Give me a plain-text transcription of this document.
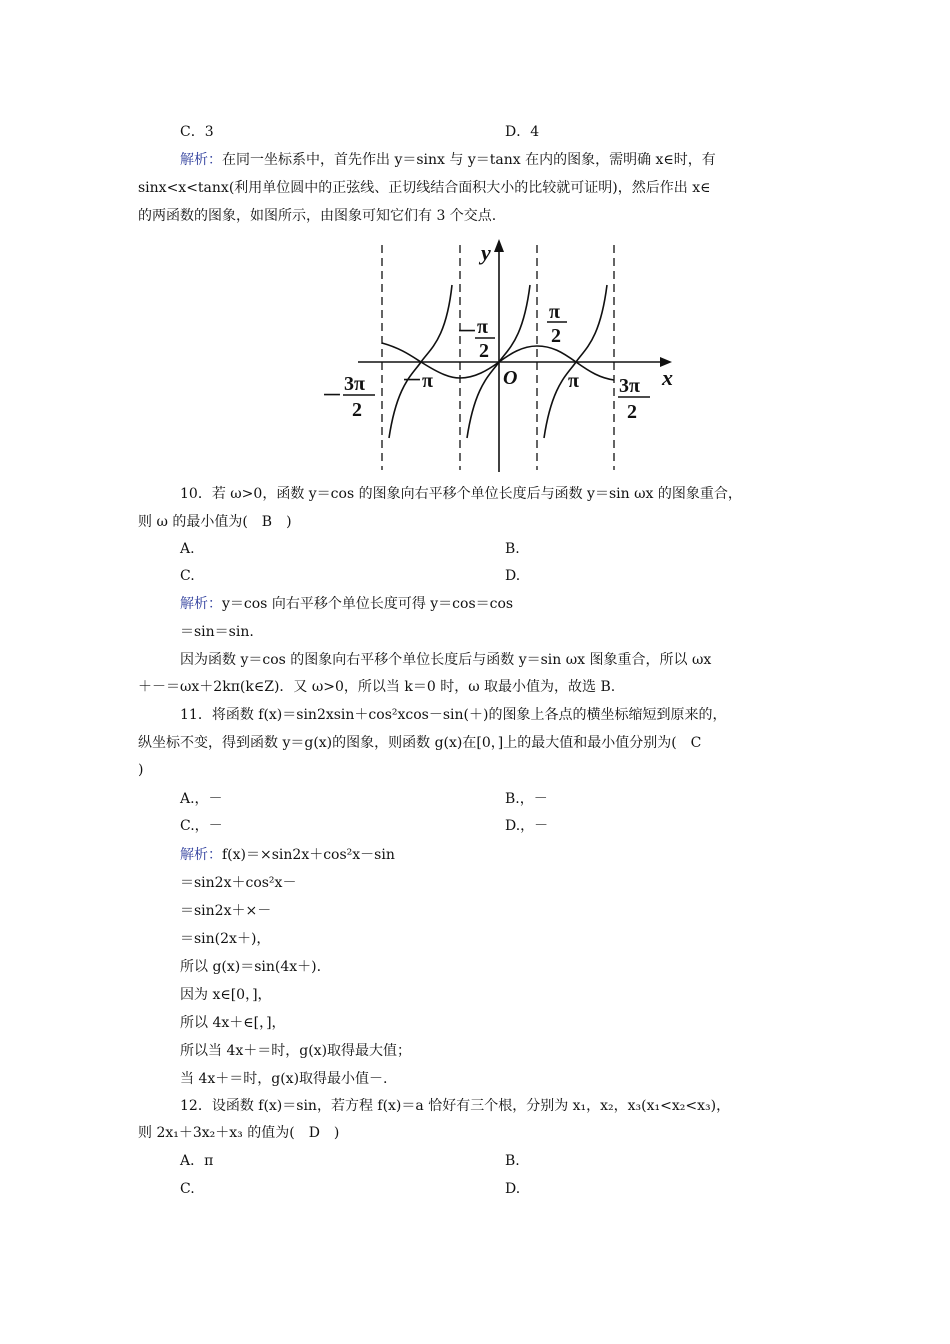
C．3	D．4
解析：在同一坐标系中，首先作出 y＝sinx 与 y＝tanx 在内的图象，需明确 x∈时，有
sinx<x<tanx(利用单位圆中的正弦线、正切线结合面积大小的比较就可证明)，然后作出 x∈
的两函数的图象，如图所示，由图象可知它们有 3 个交点.
y
x
O
－ π
2
π
2
－
3π
2
－π	π 3π
2
10．若 ω>0，函数 y＝cos 的图象向右平移个单位长度后与函数 y＝sin ωx 的图象重合，
则 ω 的最小值为(　B　)
A.	B.
C.	D.
解析：y＝cos 向右平移个单位长度可得 y＝cos＝cos
＝sin＝sin.
因为函数 y＝cos 的图象向右平移个单位长度后与函数 y＝sin ωx 图象重合，所以 ωx
＋－＝ωx＋2kπ(k∈Z)．又 ω>0，所以当 k＝0 时，ω 取最小值为，故选 B.
11．将函数 f(x)＝sin2xsin＋cos²xcos－sin(＋)的图象上各点的横坐标缩短到原来的，
纵坐标不变，得到函数 y＝g(x)的图象，则函数 g(x)在[0，]上的最大值和最小值分别为(　C
)
A.，－	B.，－
C.，－	D.，－
解析：f(x)＝×sin2x＋cos²x－sin
＝sin2x＋cos²x－
＝sin2x＋×－
＝sin(2x＋)，
所以 g(x)＝sin(4x＋).
因为 x∈[0，]，
所以 4x＋∈[，]，
所以当 4x＋＝时，g(x)取得最大值；
当 4x＋＝时，g(x)取得最小值－.
12．设函数 f(x)＝sin，若方程 f(x)＝a 恰好有三个根，分别为 x₁，x₂，x₃(x₁<x₂<x₃)，
则 2x₁＋3x₂＋x₃ 的值为(　D　)
A．π	B.
C.	D.
